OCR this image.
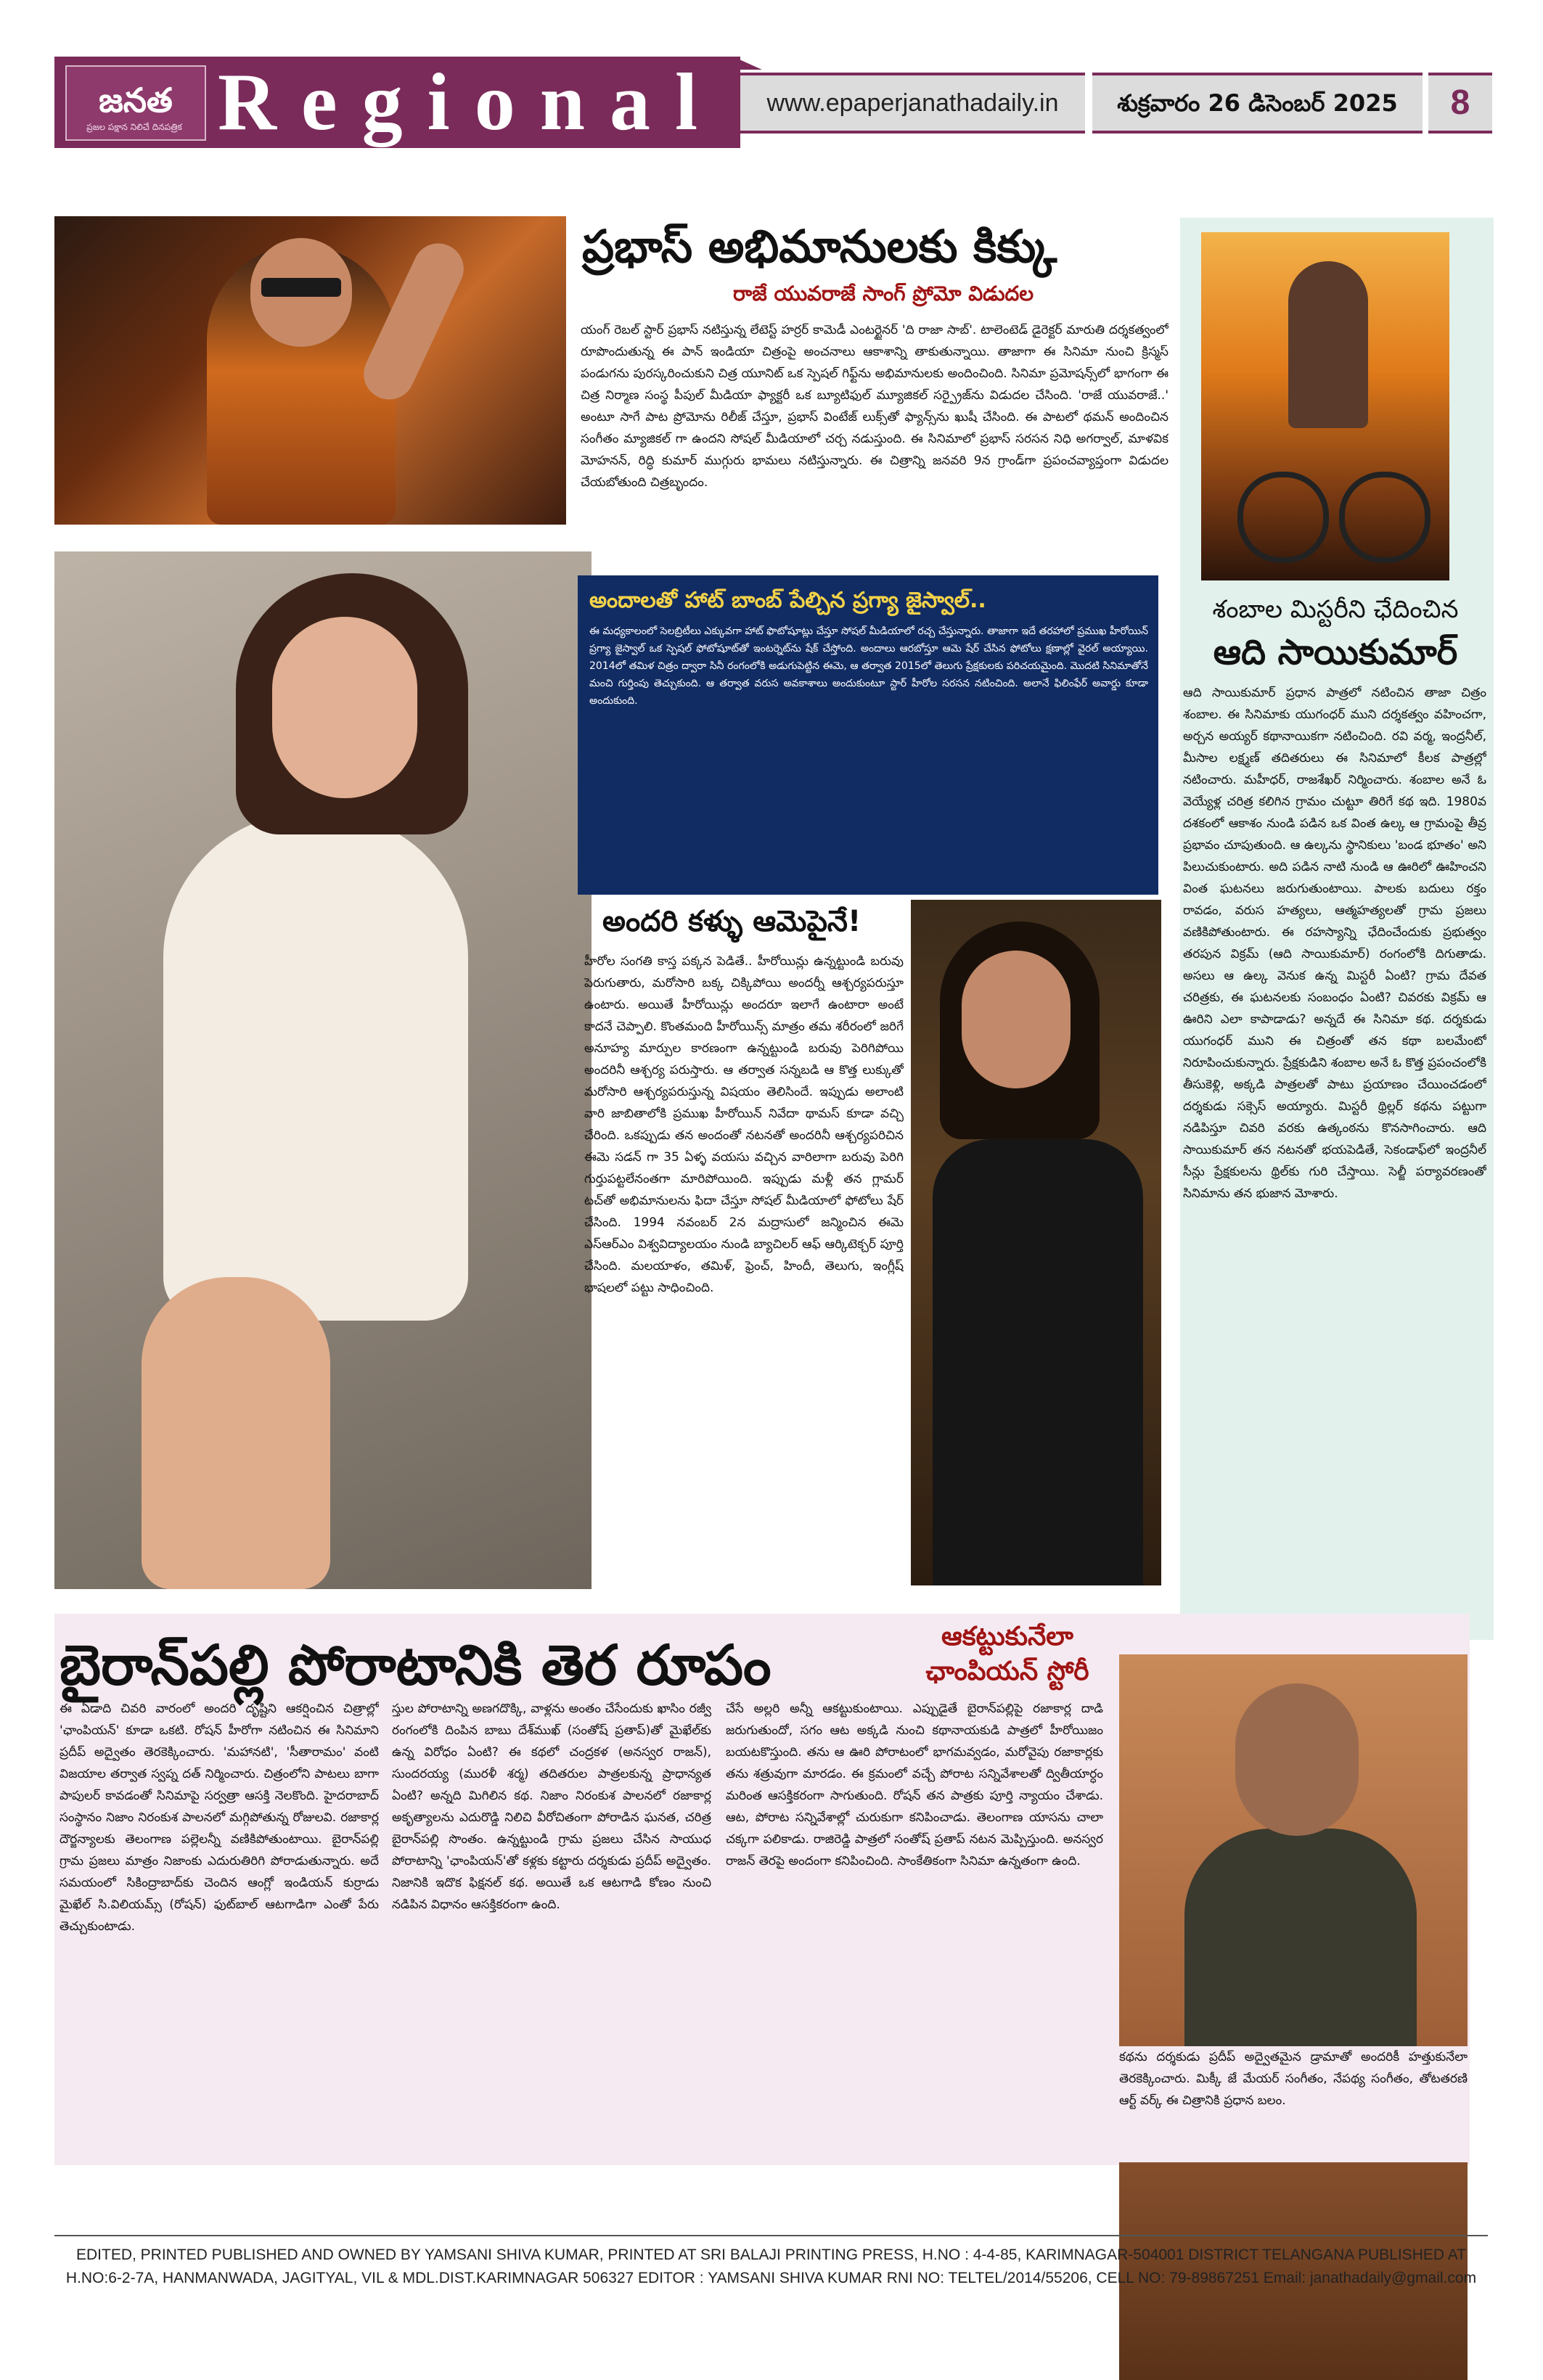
జనత
ప్రజల పక్షాన నిలిచే దినపత్రిక Regional	www.epaperjanathadaily.in	శుక్రవారం 26 డిసెంబర్ 2025	8
ప్రభాస్ అభిమానులకు కిక్కు
రాజే యువరాజే సాంగ్ ప్రోమో విడుదల
యంగ్ రెబల్ స్టార్ ప్రభాస్ నటిస్తున్న లేటెస్ట్ హర్రర్ కామెడీ ఎంటర్టైనర్ 'ది రాజా సాబ్'. టాలెంటెడ్ డైరెక్టర్ మారుతి దర్శకత్వంలో రూపొందుతున్న ఈ పాన్ ఇండియా చిత్రంపై అంచనాలు ఆకాశాన్ని తాకుతున్నాయి. తాజాగా ఈ సినిమా నుంచి క్రిస్మస్ పండుగను పురస్కరించుకుని చిత్ర యూనిట్ ఒక స్పెషల్ గిఫ్ట్‌ను అభిమానులకు అందించింది. సినిమా ప్రమోషన్స్‌లో భాగంగా ఈ చిత్ర నిర్మాణ సంస్థ పీపుల్ మీడియా ఫ్యాక్టరీ ఒక బ్యూటిఫుల్ మ్యూజికల్ సర్ప్రైజ్‌ను విడుదల చేసింది. 'రాజే యువరాజే..' అంటూ సాగే పాట ప్రోమోను రిలీజ్ చేస్తూ, ప్రభాస్ వింటేజ్ లుక్స్‌తో ఫ్యాన్స్‌ను ఖుషీ చేసింది. ఈ పాటలో థమన్ అందించిన సంగీతం మ్యాజికల్ గా ఉందని సోషల్ మీడియాలో చర్చ నడుస్తుంది. ఈ సినిమాలో ప్రభాస్ సరసన నిధి అగర్వాల్, మాళవిక మోహనన్, రిద్ధి కుమార్ ముగ్గురు భామలు నటిస్తున్నారు. ఈ చిత్రాన్ని జనవరి 9న గ్రాండ్‌గా ప్రపంచవ్యాప్తంగా విడుదల చేయబోతుంది చిత్రబృందం.
శంబాల మిస్టరీని ఛేదించిన
ఆది సాయికుమార్
ఆది సాయికుమార్ ప్రధాన పాత్రలో నటించిన తాజా చిత్రం శంబాల. ఈ సినిమాకు యుగంధర్ ముని దర్శకత్వం వహించగా, అర్చన అయ్యర్ కథానాయికగా నటించింది. రవి వర్మ, ఇంద్రనీల్, మీసాల లక్ష్మణ్ తదితరులు ఈ సినిమాలో కీలక పాత్రల్లో నటించారు. మహీధర్, రాజశేఖర్ నిర్మించారు. శంబాల అనే ఓ వెయ్యేళ్ల చరిత్ర కలిగిన గ్రామం చుట్టూ తిరిగే కథ ఇది. 1980వ దశకంలో ఆకాశం నుండి పడిన ఒక వింత ఉల్క ఆ గ్రామంపై తీవ్ర ప్రభావం చూపుతుంది. ఆ ఉల్కను స్థానికులు 'బండ భూతం' అని పిలుచుకుంటారు. అది పడిన నాటి నుండి ఆ ఊరిలో ఊహించని వింత ఘటనలు జరుగుతుంటాయి. పాలకు బదులు రక్తం రావడం, వరుస హత్యలు, ఆత్మహత్యలతో గ్రామ ప్రజలు వణికిపోతుంటారు. ఈ రహస్యాన్ని ఛేదించేందుకు ప్రభుత్వం తరపున విక్రమ్ (ఆది సాయికుమార్) రంగంలోకి దిగుతాడు. అసలు ఆ ఉల్క వెనుక ఉన్న మిస్టరీ ఏంటి? గ్రామ దేవత చరిత్రకు, ఈ ఘటనలకు సంబంధం ఏంటి? చివరకు విక్రమ్ ఆ ఊరిని ఎలా కాపాడాడు? అన్నదే ఈ సినిమా కథ. దర్శకుడు యుగంధర్ ముని ఈ చిత్రంతో తన కథా బలమేంటో నిరూపించుకున్నారు. ప్రేక్షకుడిని శంబాల అనే ఓ కొత్త ప్రపంచంలోకి తీసుకెళ్లి, అక్కడి పాత్రలతో పాటు ప్రయాణం చేయించడంలో దర్శకుడు సక్సెస్ అయ్యారు. మిస్టరీ థ్రిల్లర్ కథను పట్టుగా నడిపిస్తూ చివరి వరకు ఉత్కంఠను కొనసాగించారు. ఆది సాయికుమార్ తన నటనతో భయపెడితే, సెకండాఫ్‌లో ఇంద్రనీల్ సీన్లు ప్రేక్షకులను థ్రిల్‌కు గురి చేస్తాయి. సెల్జీ పర్యావరణంతో సినిమాను తన భుజాన మోశారు.
అందాలతో హాట్ బాంబ్ పేల్చిన ప్రగ్యా జైస్వాల్..
ఈ మధ్యకాలంలో సెలబ్రిటీలు ఎక్కువగా హాట్ ఫొటోషూట్లు చేస్తూ సోషల్ మీడియాలో రచ్చ చేస్తున్నారు. తాజాగా ఇదే తరహాలో ప్రముఖ హీరోయిన్ ప్రగ్యా జైస్వాల్ ఒక స్పెషల్ ఫోటోషూట్‌తో ఇంటర్నెట్‌ను షేక్ చేస్తోంది. అందాలు ఆరబోస్తూ ఆమె షేర్ చేసిన ఫోటోలు క్షణాల్లో వైరల్ అయ్యాయి. 2014లో తమిళ చిత్రం ద్వారా సినీ రంగంలోకి అడుగుపెట్టిన ఈమె, ఆ తర్వాత 2015లో తెలుగు ప్రేక్షకులకు పరిచయమైంది. మొదటి సినిమాతోనే మంచి గుర్తింపు తెచ్చుకుంది. ఆ తర్వాత వరుస అవకాశాలు అందుకుంటూ స్టార్ హీరోల సరసన నటించింది. అలానే ఫిలింఫేర్ అవార్డు కూడా అందుకుంది.
అందరి కళ్ళు ఆమెపైనే!
హీరోల సంగతి కాస్త పక్కన పెడితే.. హీరోయిన్లు ఉన్నట్టుండి బరువు పెరుగుతారు, మరోసారి బక్క చిక్కిపోయి అందర్నీ ఆశ్చర్యపరుస్తూ ఉంటారు. అయితే హీరోయిన్లు అందరూ ఇలాగే ఉంటారా అంటే కాదనే చెప్పాలి. కొంతమంది హీరోయిన్స్ మాత్రం తమ శరీరంలో జరిగే అనూహ్య మార్పుల కారణంగా ఉన్నట్టుండి బరువు పెరిగిపోయి అందరినీ ఆశ్చర్య పరుస్తారు. ఆ తర్వాత సన్నబడి ఆ కొత్త లుక్కుతో మరోసారి ఆశ్చర్యపరుస్తున్న విషయం తెలిసిందే. ఇప్పుడు అలాంటి వారి జాబితాలోకి ప్రముఖ హీరోయిన్ నివేదా థామస్ కూడా వచ్చి చేరింది. ఒకప్పుడు తన అందంతో నటనతో అందరినీ ఆశ్చర్యపరిచిన ఈమె సడన్ గా 35 ఏళ్ళ వయసు వచ్చిన వారిలాగా బరువు పెరిగి గుర్తుపట్టలేనంతగా మారిపోయింది. ఇప్పుడు మళ్లీ తన గ్లామర్ టచ్‌తో అభిమానులను ఫిదా చేస్తూ సోషల్ మీడియాలో ఫోటోలు షేర్ చేసింది. 1994 నవంబర్ 2న మద్రాసులో జన్మించిన ఈమె ఎస్ఆర్ఎం విశ్వవిద్యాలయం నుండి బ్యాచిలర్ ఆఫ్ ఆర్కిటెక్చర్ పూర్తి చేసింది. మలయాళం, తమిళ్, ఫ్రెంచ్, హిందీ, తెలుగు, ఇంగ్లీష్ భాషలలో పట్టు సాధించింది.
బైరాన్‌పల్లి పోరాటానికి తెర రూపం	ఆకట్టుకునేలా
ఛాంపియన్ స్టోరీ
ఈ ఏడాది చివరి వారంలో అందరి దృష్టిని ఆకర్షించిన చిత్రాల్లో 'ఛాంపియన్' కూడా ఒకటి. రోషన్ హీరోగా నటించిన ఈ సినిమాని ప్రదీప్ అద్వైతం తెరకెక్కించారు. 'మహానటి', 'సీతారామం' వంటి విజయాల తర్వాత స్వప్న దత్ నిర్మించారు. చిత్రంలోని పాటలు బాగా పాపులర్ కావడంతో సినిమాపై సర్వత్రా ఆసక్తి నెలకొంది. హైదరాబాద్ సంస్థానం నిజాం నిరంకుశ పాలనలో మగ్గిపోతున్న రోజులవి. రజాకార్ల దౌర్జన్యాలకు తెలంగాణ పల్లెలన్నీ వణికిపోతుంటాయి. బైరాన్‌పల్లి గ్రామ ప్రజలు మాత్రం నిజాంకు ఎదురుతిరిగి పోరాడుతున్నారు. అదే సమయంలో సికింద్రాబాద్‌కు చెందిన ఆంగ్లో ఇండియన్ కుర్రాడు మైఖేల్ సి.విలియమ్స్ (రోషన్) ఫుట్‌బాల్ ఆటగాడిగా ఎంతో పేరు తెచ్చుకుంటాడు.
స్తుల పోరాటాన్ని అణగదొక్కి, వాళ్లను అంతం చేసేందుకు ఖాసిం రజ్వీ రంగంలోకి దింపిన బాబు దేశ్‌ముఖ్ (సంతోష్ ప్రతాప్)తో మైఖేల్‌కు ఉన్న విరోధం ఏంటి? ఈ కథలో చంద్రకళ (అనస్వర రాజన్), సుందరయ్య (మురళీ శర్మ) తదితరుల పాత్రలకున్న ప్రాధాన్యత ఏంటి? అన్నది మిగిలిన కథ. నిజాం నిరంకుశ పాలనలో రజాకార్ల అకృత్యాలను ఎదురొడ్డి నిలిచి వీరోచితంగా పోరాడిన ఘనత, చరిత్ర బైరాన్‌పల్లి సొంతం. ఉన్నట్టుండి గ్రామ ప్రజలు చేసిన సాయుధ పోరాటాన్ని 'ఛాంపియన్'తో కళ్లకు కట్టారు దర్శకుడు ప్రదీప్ అద్వైతం. నిజానికి ఇదొక ఫిక్షనల్ కథ. అయితే ఒక ఆటగాడి కోణం నుంచి నడిపిన విధానం ఆసక్తికరంగా ఉంది.
చేసే అల్లరి అన్నీ ఆకట్టుకుంటాయి. ఎప్పుడైతే బైరాన్‌పల్లిపై రజాకార్ల దాడి జరుగుతుందో, సగం ఆట అక్కడి నుంచి కథానాయకుడి పాత్రలో హీరోయిజం బయటకొస్తుంది. తను ఆ ఊరి పోరాటంలో భాగమవ్వడం, మరోవైపు రజాకార్లకు తను శత్రువుగా మారడం. ఈ క్రమంలో వచ్చే పోరాట సన్నివేశాలతో ద్వితీయార్ధం మరింత ఆసక్తికరంగా సాగుతుంది. రోషన్ తన పాత్రకు పూర్తి న్యాయం చేశాడు. ఆట, పోరాట సన్నివేశాల్లో చురుకుగా కనిపించాడు. తెలంగాణ యాసను చాలా చక్కగా పలికాడు. రాజిరెడ్డి పాత్రలో సంతోష్ ప్రతాప్ నటన మెప్పిస్తుంది. అనస్వర రాజన్ తెరపై అందంగా కనిపించింది. సాంకేతికంగా సినిమా ఉన్నతంగా ఉంది.
కథను దర్శకుడు ప్రదీప్ అద్వైతమైన డ్రామాతో అందరికీ హత్తుకునేలా తెరకెక్కించారు. మిక్కీ జే మేయర్ సంగీతం, నేపథ్య సంగీతం, తోటతరణి ఆర్ట్ వర్క్ ఈ చిత్రానికి ప్రధాన బలం.
EDITED, PRINTED PUBLISHED AND OWNED BY YAMSANI SHIVA KUMAR, PRINTED AT SRI BALAJI PRINTING PRESS, H.NO : 4-4-85, KARIMNAGAR-504001 DISTRICT TELANGANA PUBLISHED AT
H.NO:6-2-7A, HANMANWADA, JAGITYAL, VIL & MDL.DIST.KARIMNAGAR 506327 EDITOR : YAMSANI SHIVA KUMAR RNI NO: TELTEL/2014/55206, CELL NO: 79-89867251 Email: janathadaily@gmail.com
